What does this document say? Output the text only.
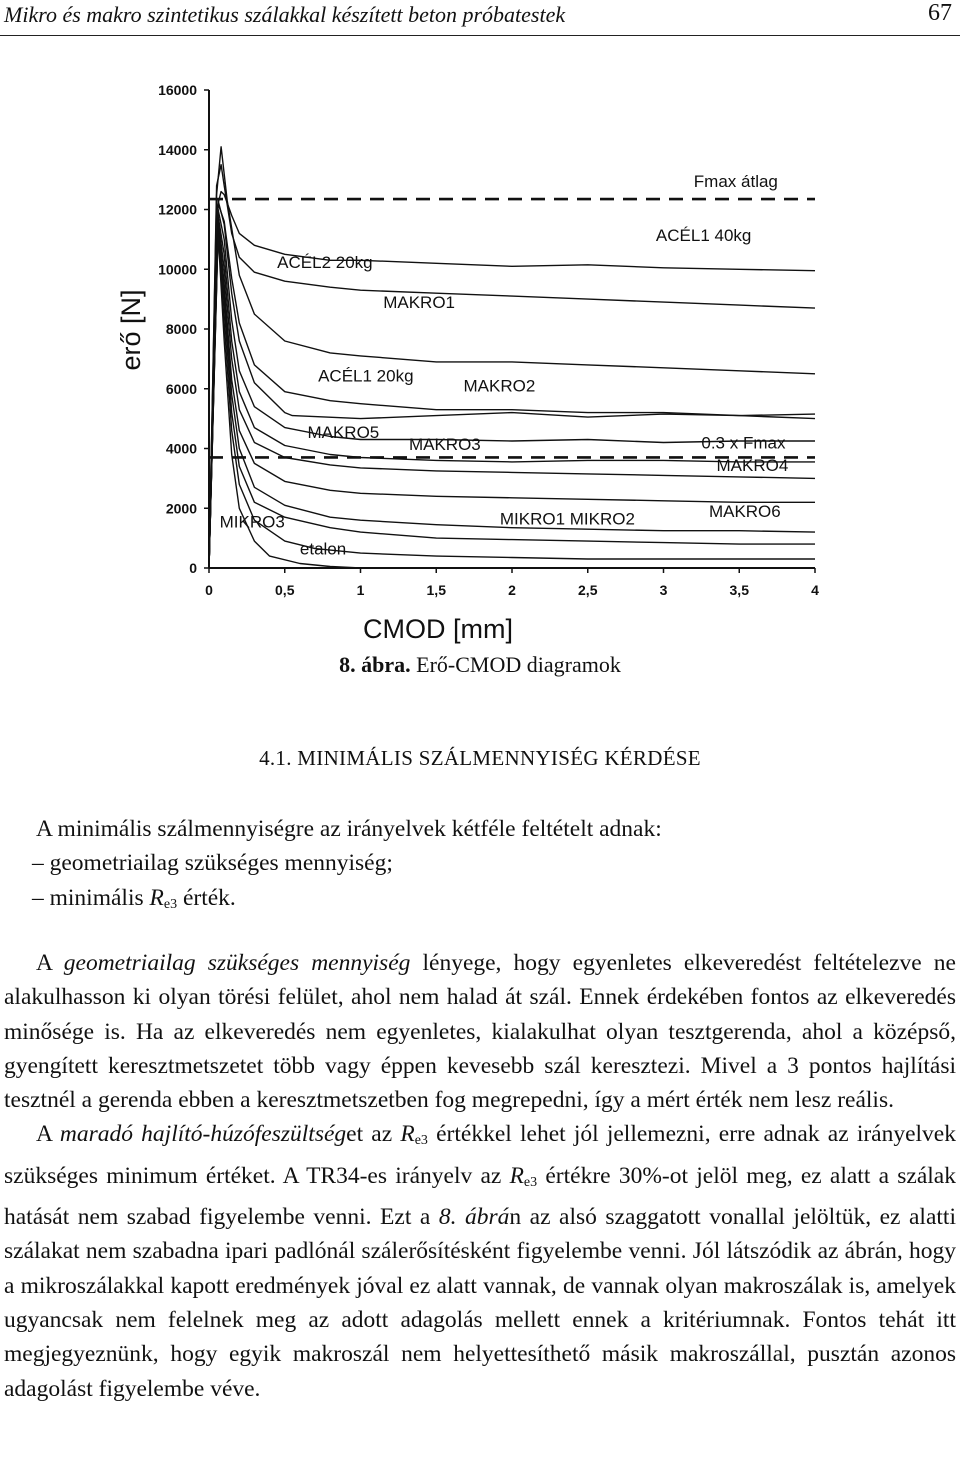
Mikro és makro szintetikus szálakkal készített beton próbatestek	67
0
2000
4000
6000
8000
10000
12000
14000
16000
0	0,5	1	1,5	2	2,5	3	3,5	4
Fmax átlag
ACÉL1 40kg
ACÉL2 20kg
MAKRO1
ACÉL1 20kg
MAKRO2
MAKRO5
MAKRO3	0.3 x Fmax
MAKRO4
MAKRO6
MIKRO1 MIKRO2
MIKRO3
etalon
CMOD [mm]
erő [N]
8. ábra. Erő-CMOD diagramok
4.1. MINIMÁLIS SZÁLMENNYISÉG KÉRDÉSE

A minimális szálmennyiségre az irányelvek kétféle feltételt adnak:

– geometriailag szükséges mennyiség;

– minimális $R_{e3}$ érték.

A geometriailag szükséges mennyiség lényege, hogy egyenletes elkeveredést feltételezve ne alakulhasson ki olyan törési felület, ahol nem halad át szál. Ennek érdekében fontos az elkeveredés minősége is. Ha az elkeveredés nem egyenletes, kialakulhat olyan tesztgerenda, ahol a középső, gyengített keresztmetszetet több vagy éppen kevesebb szál keresztezi. Mivel a 3 pontos hajlítási tesztnél a gerenda ebben a keresztmetszetben fog megrepedni, így a mért érték nem lesz reális.

A maradó hajlító-húzófeszültséget az $R_{e3}$ értékkel lehet jól jellemezni, erre adnak az irányelvek szükséges minimum értéket. A TR34-es irányelv az $R_{e3}$ értékre 30%-ot jelöl meg, ez alatt a szálak hatását nem szabad figyelembe venni. Ezt a 8. ábrán az alsó szaggatott vonallal jelöltük, ez alatti szálakat nem szabadna ipari padlónál szálerősítésként figyelembe venni. Jól látszódik az ábrán, hogy a mikroszálakkal kapott eredmények jóval ez alatt vannak, de vannak olyan makroszálak is, amelyek ugyancsak nem felelnek meg az adott adagolás mellett ennek a kritériumnak. Fontos tehát itt megjegyeznünk, hogy egyik makroszál nem helyettesíthető másik makroszállal, pusztán azonos adagolást figyelembe véve.
